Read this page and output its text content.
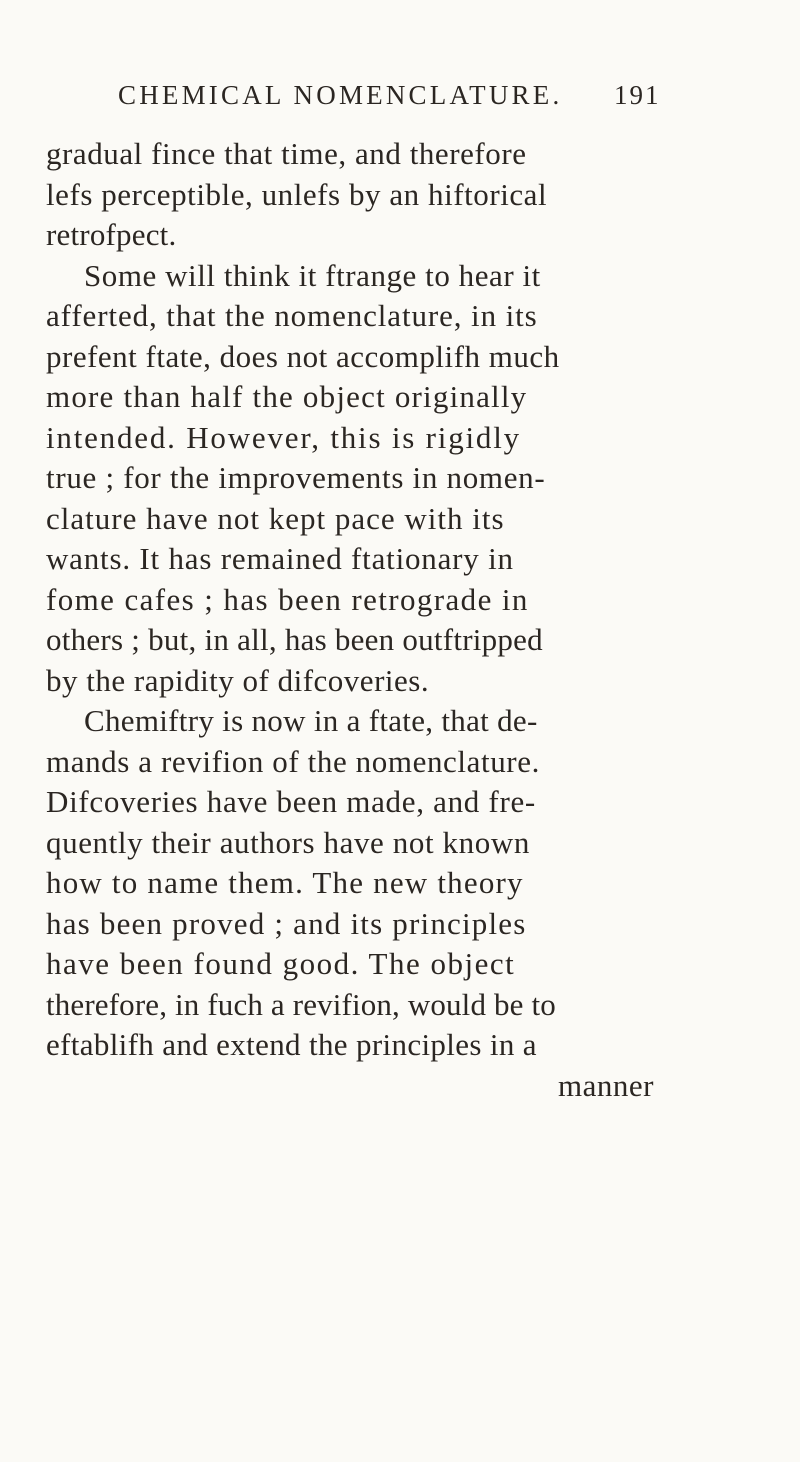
CHEMICAL NOMENCLATURE. 191
gradual fince that time, and therefore
lefs perceptible, unlefs by an hiftorical
retrofpect.
Some will think it ftrange to hear it
afferted, that the nomenclature, in its
prefent ftate, does not accomplifh much
more than half the object originally
intended. However, this is rigidly
true ; for the improvements in nomen-
clature have not kept pace with its
wants. It has remained ftationary in
fome cafes ; has been retrograde in
others ; but, in all, has been outftripped
by the rapidity of difcoveries.
Chemiftry is now in a ftate, that de-
mands a revifion of the nomenclature.
Difcoveries have been made, and fre-
quently their authors have not known
how to name them. The new theory
has been proved ; and its principles
have been found good. The object
therefore, in fuch a revifion, would be to
eftablifh and extend the principles in a
manner
